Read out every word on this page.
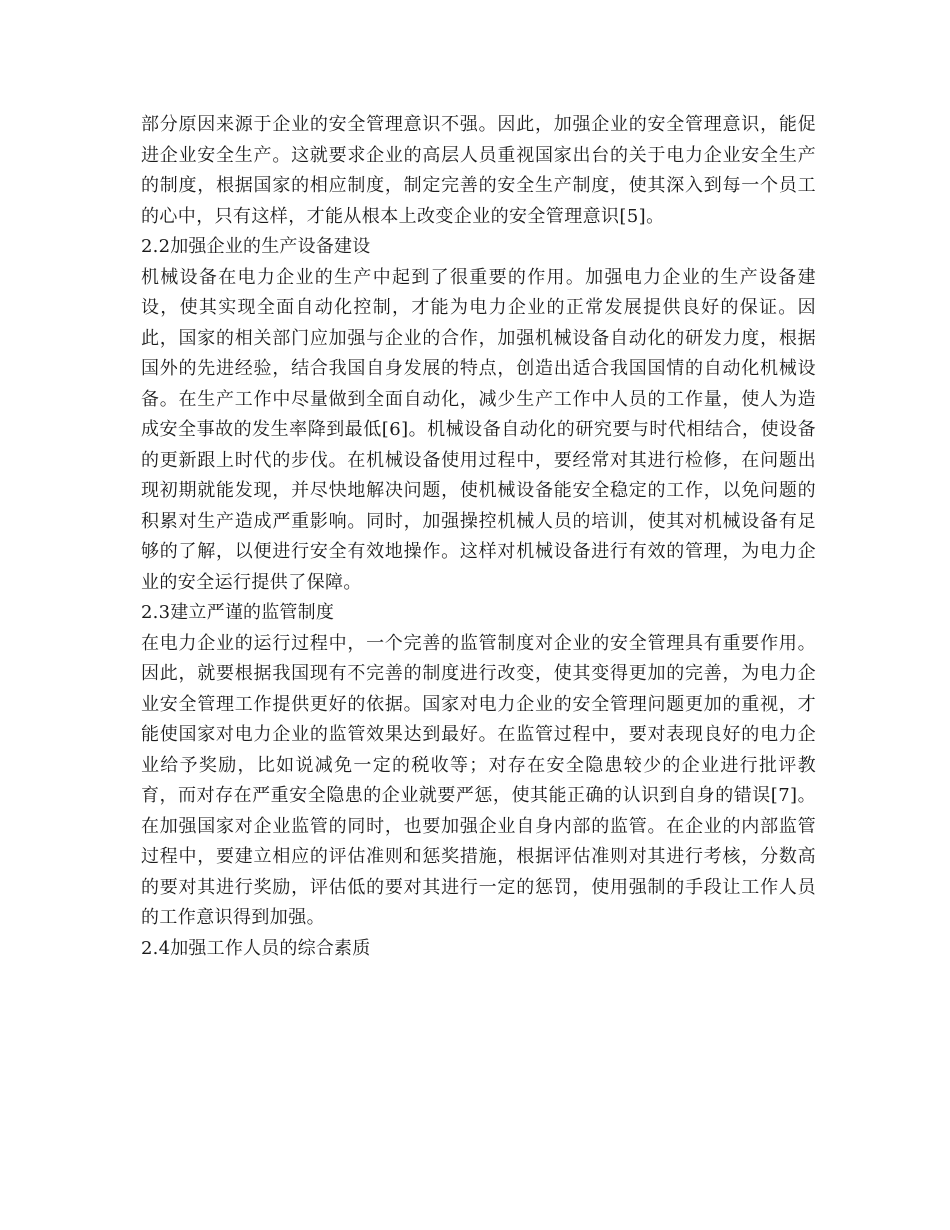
部分原因来源于企业的安全管理意识不强。因此，加强企业的安全管理意识，能促进企业安全生产。这就要求企业的高层人员重视国家出台的关于电力企业安全生产的制度，根据国家的相应制度，制定完善的安全生产制度，使其深入到每一个员工的心中，只有这样，才能从根本上改变企业的安全管理意识[5]。

2.2加强企业的生产设备建设

机械设备在电力企业的生产中起到了很重要的作用。加强电力企业的生产设备建设，使其实现全面自动化控制，才能为电力企业的正常发展提供良好的保证。因此，国家的相关部门应加强与企业的合作，加强机械设备自动化的研发力度，根据国外的先进经验，结合我国自身发展的特点，创造出适合我国国情的自动化机械设备。在生产工作中尽量做到全面自动化，减少生产工作中人员的工作量，使人为造成安全事故的发生率降到最低[6]。机械设备自动化的研究要与时代相结合，使设备的更新跟上时代的步伐。在机械设备使用过程中，要经常对其进行检修，在问题出现初期就能发现，并尽快地解决问题，使机械设备能安全稳定的工作，以免问题的积累对生产造成严重影响。同时，加强操控机械人员的培训，使其对机械设备有足够的了解，以便进行安全有效地操作。这样对机械设备进行有效的管理，为电力企业的安全运行提供了保障。

2.3建立严谨的监管制度

在电力企业的运行过程中，一个完善的监管制度对企业的安全管理具有重要作用。因此，就要根据我国现有不完善的制度进行改变，使其变得更加的完善，为电力企业安全管理工作提供更好的依据。国家对电力企业的安全管理问题更加的重视，才能使国家对电力企业的监管效果达到最好。在监管过程中，要对表现良好的电力企业给予奖励，比如说减免一定的税收等；对存在安全隐患较少的企业进行批评教育，而对存在严重安全隐患的企业就要严惩，使其能正确的认识到自身的错误[7]。在加强国家对企业监管的同时，也要加强企业自身内部的监管。在企业的内部监管过程中，要建立相应的评估准则和惩奖措施，根据评估准则对其进行考核，分数高的要对其进行奖励，评估低的要对其进行一定的惩罚，使用强制的手段让工作人员的工作意识得到加强。

2.4加强工作人员的综合素质
